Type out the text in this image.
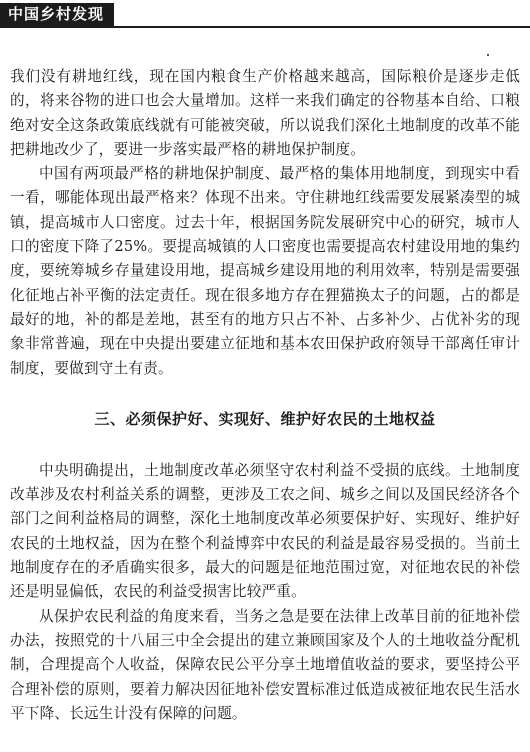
中国乡村发现

我们没有耕地红线，现在国内粮食生产价格越来越高，国际粮价是逐步走低的，将来谷物的进口也会大量增加。这样一来我们确定的谷物基本自给、口粮绝对安全这条政策底线就有可能被突破，所以说我们深化土地制度的改革不能把耕地改少了，要进一步落实最严格的耕地保护制度。

中国有两项最严格的耕地保护制度、最严格的集体用地制度，到现实中看一看，哪能体现出最严格来？体现不出来。守住耕地红线需要发展紧凑型的城镇，提高城市人口密度。过去十年，根据国务院发展研究中心的研究，城市人口的密度下降了25%。要提高城镇的人口密度也需要提高农村建设用地的集约度，要统筹城乡存量建设用地，提高城乡建设用地的利用效率，特别是需要强化征地占补平衡的法定责任。现在很多地方存在狸猫换太子的问题，占的都是最好的地，补的都是差地，甚至有的地方只占不补、占多补少、占优补劣的现象非常普遍，现在中央提出要建立征地和基本农田保护政府领导干部离任审计制度，要做到守土有责。

三、必须保护好、实现好、维护好农民的土地权益

中央明确提出，土地制度改革必须坚守农村利益不受损的底线。土地制度改革涉及农村利益关系的调整，更涉及工农之间、城乡之间以及国民经济各个部门之间利益格局的调整，深化土地制度改革必须要保护好、实现好、维护好农民的土地权益，因为在整个利益博弈中农民的利益是最容易受损的。当前土地制度存在的矛盾确实很多，最大的问题是征地范围过宽，对征地农民的补偿还是明显偏低，农民的利益受损害比较严重。

从保护农民利益的角度来看，当务之急是要在法律上改革目前的征地补偿办法，按照党的十八届三中全会提出的建立兼顾国家及个人的土地收益分配机制，合理提高个人收益，保障农民公平分享土地增值收益的要求，要坚持公平合理补偿的原则，要着力解决因征地补偿安置标准过低造成被征地农民生活水平下降、长远生计没有保障的问题。
